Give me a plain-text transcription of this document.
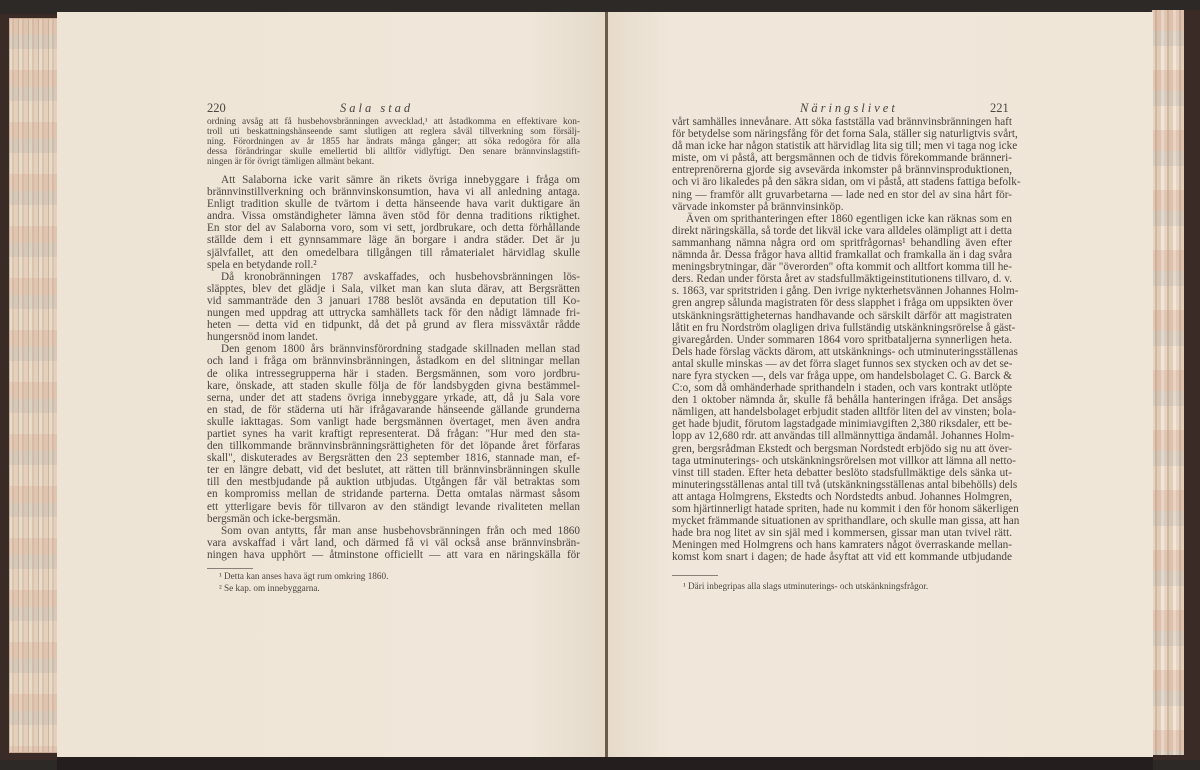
220	Sala stad	Näringslivet	221
ordning avsåg att få husbehovsbränningen avvecklad,¹ att åstadkomma en effektivare kon-
troll uti beskattningshänseende samt slutligen att reglera såväl tillverkning som försälj-
ning. Förordningen av år 1855 har ändrats många gånger; att söka redogöra för alla
dessa förändringar skulle emellertid bli alltför vidlyftigt. Den senare brännvinslagstift-
ningen är för övrigt tämligen allmänt bekant.
Att Salaborna icke varit sämre än rikets övriga innebyggare i fråga om
brännvinstillverkning och brännvinskonsumtion, hava vi all anledning antaga.
Enligt tradition skulle de tvärtom i detta hänseende hava varit duktigare än
andra. Vissa omständigheter lämna även stöd för denna traditions riktighet.
En stor del av Salaborna voro, som vi sett, jordbrukare, och detta förhållande
ställde dem i ett gynnsammare läge än borgare i andra städer. Det är ju
självfallet, att den omedelbara tillgången till råmaterialet härvidlag skulle
spela en betydande roll.²
Då kronobränningen 1787 avskaffades, och husbehovsbränningen lös-
släpptes, blev det glädje i Sala, vilket man kan sluta därav, att Bergsrätten
vid sammanträde den 3 januari 1788 beslöt avsända en deputation till Ko-
nungen med uppdrag att uttrycka samhällets tack för den nådigt lämnade fri-
heten — detta vid en tidpunkt, då det på grund av flera missväxtår rådde
hungersnöd inom landet.
Den genom 1800 års brännvinsförordning stadgade skillnaden mellan stad
och land i fråga om brännvinsbränningen, åstadkom en del slitningar mellan
de olika intressegrupperna här i staden. Bergsmännen, som voro jordbru-
kare, önskade, att staden skulle följa de för landsbygden givna bestämmel-
serna, under det att stadens övriga innebyggare yrkade, att, då ju Sala vore
en stad, de för städerna uti här ifrågavarande hänseende gällande grunderna
skulle iakttagas. Som vanligt hade bergsmännen övertaget, men även andra
partiet synes ha varit kraftigt representerat. Då frågan: "Hur med den sta-
den tillkommande brännvinsbränningsrättigheten för det löpande året förfaras
skall", diskuterades av Bergsrätten den 23 september 1816, stannade man, ef-
ter en längre debatt, vid det beslutet, att rätten till brännvinsbränningen skulle
till den mestbjudande på auktion utbjudas. Utgången får väl betraktas som
en kompromiss mellan de stridande parterna. Detta omtalas närmast såsom
ett ytterligare bevis för tillvaron av den ständigt levande rivaliteten mellan
bergsmän och icke-bergsmän.
Som ovan antytts, får man anse husbehovsbränningen från och med 1860
vara avskaffad i vårt land, och därmed få vi väl också anse brännvinsbrän-
ningen hava upphört — åtminstone officiellt — att vara en näringskälla för
vårt samhälles innevånare. Att söka fastställa vad brännvinsbränningen haft
för betydelse som näringsfång för det forna Sala, ställer sig naturligtvis svårt,
då man icke har någon statistik att härvidlag lita sig till; men vi taga nog icke
miste, om vi påstå, att bergsmännen och de tidvis förekommande bränneri-
entreprenörerna gjorde sig avsevärda inkomster på brännvinsproduktionen,
och vi äro likaledes på den säkra sidan, om vi påstå, att stadens fattiga befolk-
ning — framför allt gruvarbetarna — lade ned en stor del av sina hårt för-
värvade inkomster på brännvinsinköp.
Även om sprithanteringen efter 1860 egentligen icke kan räknas som en
direkt näringskälla, så torde det likväl icke vara alldeles olämpligt att i detta
sammanhang nämna några ord om spritfrågornas¹ behandling även efter
nämnda år. Dessa frågor hava alltid framkallat och framkalla än i dag svåra
meningsbrytningar, där "överorden" ofta kommit och alltfort komma till he-
ders. Redan under första året av stadsfullmäktigeinstitutionens tillvaro, d. v.
s. 1863, var spritstriden i gång. Den ivrige nykterhetsvännen Johannes Holm-
gren angrep sålunda magistraten för dess slapphet i fråga om uppsikten över
utskänkningsrättigheternas handhavande och särskilt därför att magistraten
låtit en fru Nordström olagligen driva fullständig utskänkningsrörelse å gäst-
givaregården. Under sommaren 1864 voro spritbataljerna synnerligen heta.
Dels hade förslag väckts därom, att utskänknings- och utminuteringsställenas
antal skulle minskas — av det förra slaget funnos sex stycken och av det se-
nare fyra stycken —, dels var fråga uppe, om handelsbolaget C. G. Barck &
C:o, som då omhänderhade sprithandeln i staden, och vars kontrakt utlöpte
den 1 oktober nämnda år, skulle få behålla hanteringen ifråga. Det ansågs
nämligen, att handelsbolaget erbjudit staden alltför liten del av vinsten; bola-
get hade bjudit, förutom lagstadgade minimiavgiften 2,380 riksdaler, ett be-
lopp av 12,680 rdr. att användas till allmännyttiga ändamål. Johannes Holm-
gren, bergsrådman Ekstedt och bergsman Nordstedt erbjödo sig nu att över-
taga utminuterings- och utskänkningsrörelsen mot villkor att lämna all netto-
vinst till staden. Efter heta debatter beslöto stadsfullmäktige dels sänka ut-
minuteringsställenas antal till två (utskänkningsställenas antal bibehölls) dels
att antaga Holmgrens, Ekstedts och Nordstedts anbud. Johannes Holmgren,
som hjärtinnerligt hatade spriten, hade nu kommit i den för honom säkerligen
mycket främmande situationen av sprithandlare, och skulle man gissa, att han
hade bra nog litet av sin själ med i kommersen, gissar man utan tvivel rätt.
Meningen med Holmgrens och hans kamraters något överraskande mellan-
komst kom snart i dagen; de hade åsyftat att vid ett kommande utbjudande
¹ Detta kan anses hava ägt rum omkring 1860.
² Se kap. om innebyggarna.	¹ Däri inbegripas alla slags utminuterings- och utskänkningsfrågor.
